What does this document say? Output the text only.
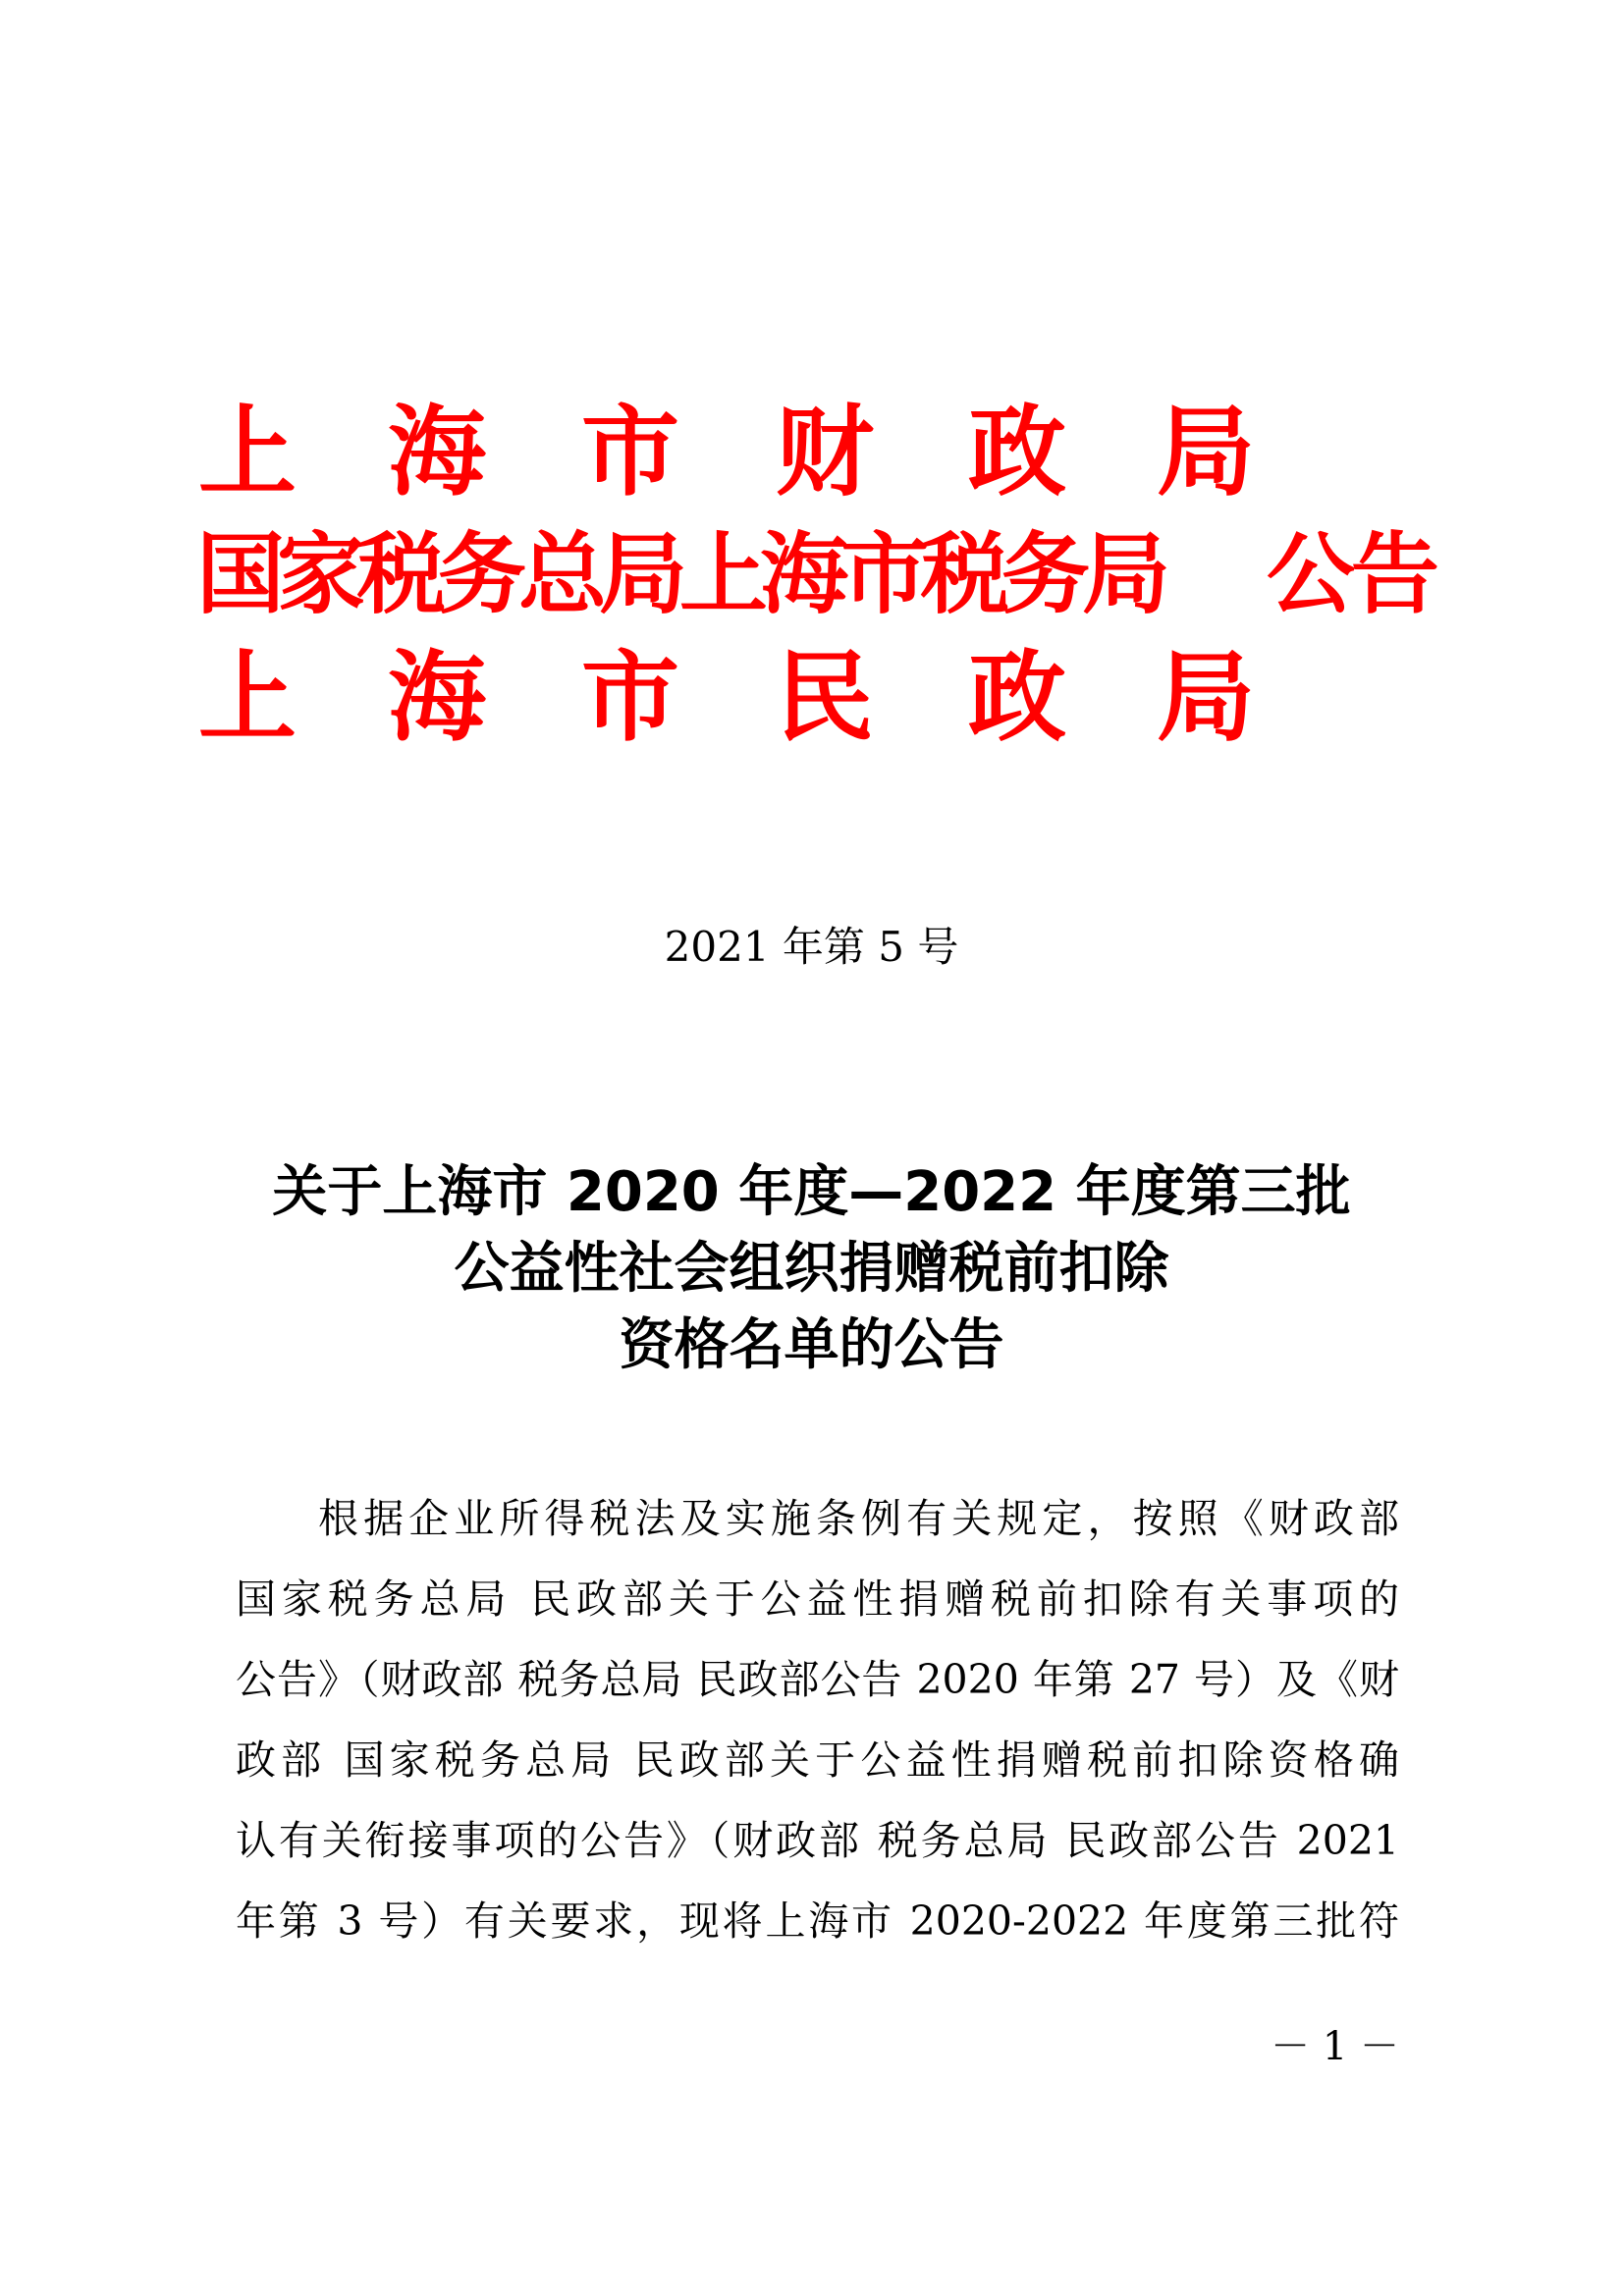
上 海 市 财 政 局
国家税务总局上海市税务局 公告
上 海 市 民 政 局
2021 年第 5 号
关于上海市 2020 年度—2022 年度第三批
公益性社会组织捐赠税前扣除
资格名单的公告
根据企业所得税法及实施条例有关规定，按照《财政部
国家税务总局 民政部关于公益性捐赠税前扣除有关事项的
公告》（财政部 税务总局 民政部公告 2020 年第 27 号）及《财
政部 国家税务总局 民政部关于公益性捐赠税前扣除资格确
认有关衔接事项的公告》（财政部 税务总局 民政部公告 2021
年第 3 号）有关要求，现将上海市 2020-2022 年度第三批符
－ 1 －
